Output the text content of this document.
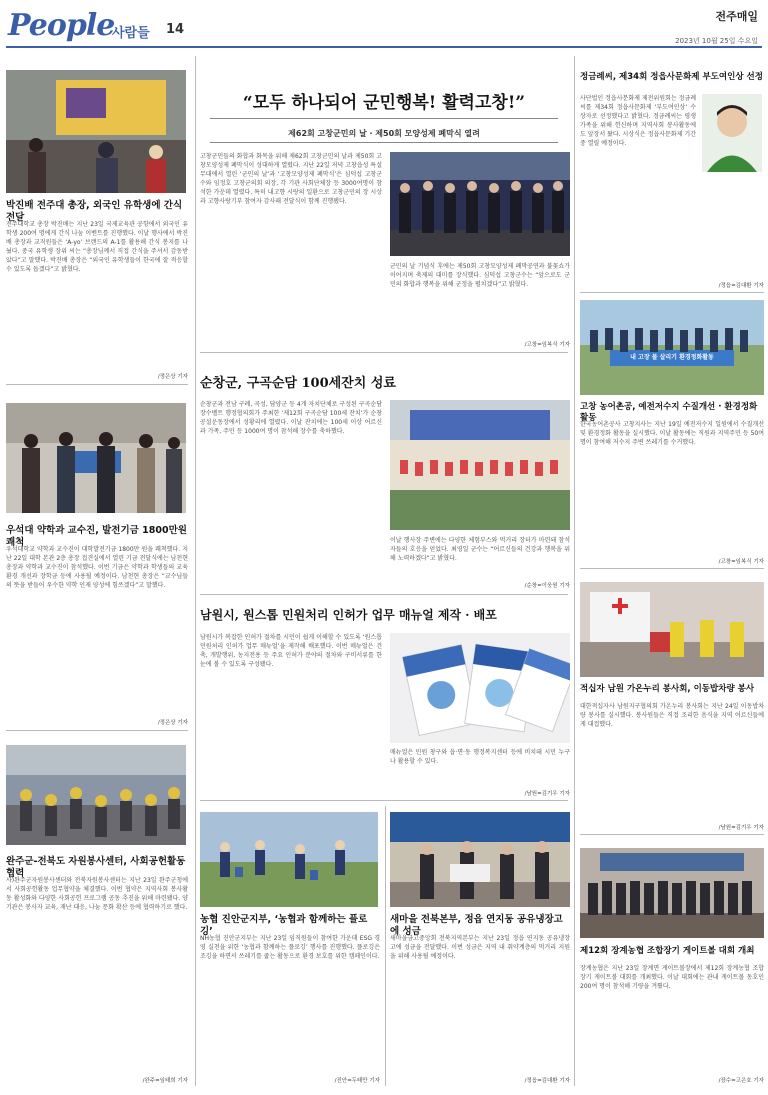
People
사람들 14
전주매일
2023년 10월 25일 수요일
박진배 전주대 총장, 외국인 유학생에 간식 전달
전주대학교 총장 박진배는 지난 23일 국제교육관 공항에서 외국인 유학생 200여 명에게 간식 나눔 이벤트를 진행했다. 이날 행사에서 박진배 총장과 교직원들은 ‘A-yo’ 브랜드의 A-1를 활용해 간식 봉지를 나눴다. 중국 유학생 장위 씨는 “총장님께서 직접 간식을 주셔서 감동받았다”고 말했다. 박진배 총장은 “외국인 유학생들이 한국에 잘 적응할 수 있도록 돕겠다”고 밝혔다.
/정은상 기자
우석대 약학과 교수진, 발전기금 1800만원 쾌척
우석대학교 약학과 교수진이 대학발전기금 1800만 원을 쾌척했다. 지난 22일 대학 본관 2층 총장 접견실에서 열린 기금 전달식에는 남천현 총장과 약학과 교수진이 참석했다. 이번 기금은 약학과 학생들의 교육환경 개선과 장학금 등에 사용될 예정이다. 남천현 총장은 “교수님들의 뜻을 받들어 우수한 약학 인재 양성에 힘쓰겠다”고 말했다.
/정은상 기자
완주군-전북도 자원봉사센터, 사회공헌활동 협력
사)완주군자원봉사센터와 전북자원봉사센터는 지난 23일 완주군청에서 사회공헌활동 업무협약을 체결했다. 이번 협약은 지역사회 봉사활동 활성화와 다양한 사회공헌 프로그램 공동 추진을 위해 마련됐다. 양 기관은 봉사자 교육, 재난 대응, 나눔 문화 확산 등에 협력하기로 했다.
/완주=임태희 기자
“모두 하나되어 군민행복! 활력고창!”
제62회 고창군민의 날 · 제50회 모양성제 폐막식 열려
고창군민들의 화합과 화목을 위해 제62회 고창군민의 날과 제50회 고창모양성제 폐막식이 성대하게 열렸다. 지난 22일 저녁 고창읍성 특설무대에서 열린 ‘군민의 날’과 ‘고창모양성제 폐막식’은 심덕섭 고창군수와 임정호 고창군의회 의장, 각 기관 사회단체장 등 3000여명이 참석한 가운데 열렸다. 특히 내고향 시랑의 일환으로 고창군민의 장 시상과 고향사랑기부 참여자 감사패 전달식이 함께 진행됐다.
군민의 날 기념식 후에는 제50회 고창모양성제 폐막공연과 불꽃쇼가 이어지며 축제의 대미를 장식했다. 심덕섭 고창군수는 “앞으로도 군민의 화합과 행복을 위해 군정을 펼치겠다”고 밝혔다.
/고창=임복식 기자
순창군, 구곡순담 100세잔치 성료
순창군과 전남 구례, 곡성, 담양군 등 4개 자치단체로 구성된 구곡순담장수벨트 행정협의회가 주최한 ‘제12회 구곡순담 100세 잔치’가 순창 공설운동장에서 성황리에 열렸다. 이날 잔치에는 100세 이상 어르신과 가족, 주민 등 1000여 명이 참석해 장수를 축하했다.
이날 행사장 주변에는 다양한 체험부스와 먹거리 장터가 마련돼 참석자들의 호응을 얻었다. 최영일 군수는 “어르신들의 건강과 행복을 위해 노력하겠다”고 밝혔다.
/순창=이웅원 기자
남원시, 원스톱 민원처리 인허가 업무 매뉴얼 제작 · 배포
남원시가 복잡한 인허가 절차를 시민이 쉽게 이해할 수 있도록 ‘원스톱 민원처리 인허가 업무 매뉴얼’을 제작해 배포했다. 이번 매뉴얼은 건축, 개발행위, 농지전용 등 주요 인허가 분야의 절차와 구비서류를 한눈에 볼 수 있도록 구성됐다.
매뉴얼은 민원 창구와 읍·면·동 행정복지센터 등에 비치돼 시민 누구나 활용할 수 있다.
/남원=김기우 기자
농협 진안군지부, ‘농협과 함께하는 플로깅’
NH농협 진안군지부는 지난 23일 임직원들이 참여한 가운데 ESG 경영 실천을 위한 ‘농협과 함께하는 플로깅’ 행사를 진행했다. 플로깅은 조깅을 하면서 쓰레기를 줍는 활동으로 환경 보호를 위한 캠페인이다.
/진안=두태만 기자
새마을 전북본부, 정읍 연지동 공유냉장고에 성금
새마을금고중앙회 전북지역본부는 지난 23일 정읍 연지동 공유냉장고에 성금을 전달했다. 이번 성금은 지역 내 취약계층의 먹거리 지원을 위해 사용될 예정이다.
/정읍=김대환 기자
정금례씨, 제34회 정읍사문화제 부도여인상 선정
사단법인 정읍사문화제 제전위원회는 정금례씨를 제34회 정읍사문화제 ‘부도여인상’ 수상자로 선정했다고 밝혔다. 정금례씨는 평생 가족을 위해 헌신하며 지역사회 봉사활동에도 앞장서 왔다. 시상식은 정읍사문화제 기간 중 열릴 예정이다.
/정읍=김대환 기자
내 고장 물 살리기 환경정화활동
고창 농어촌공, 예전저수지 수질개선 · 환경정화 활동
한국농어촌공사 고창지사는 지난 19일 예전저수지 일원에서 수질개선 및 환경정화 활동을 실시했다. 이날 활동에는 직원과 지역주민 등 50여 명이 참여해 저수지 주변 쓰레기를 수거했다.
/고창=임복식 기자
적십자 남원 가온누리 봉사회, 이동밥차량 봉사
대한적십자사 남원지구협의회 가온누리 봉사회는 지난 24일 이동밥차량 봉사를 실시했다. 봉사원들은 직접 조리한 음식을 지역 어르신들에게 대접했다.
/남원=김기우 기자
제12회 장계농협 조합장기 게이트볼 대회 개최
장계농협은 지난 23일 장계면 게이트볼장에서 제12회 장계농협 조합장기 게이트볼 대회를 개최했다. 이날 대회에는 관내 게이트볼 동호인 200여 명이 참석해 기량을 겨뤘다.
/장수=고은호 기자
